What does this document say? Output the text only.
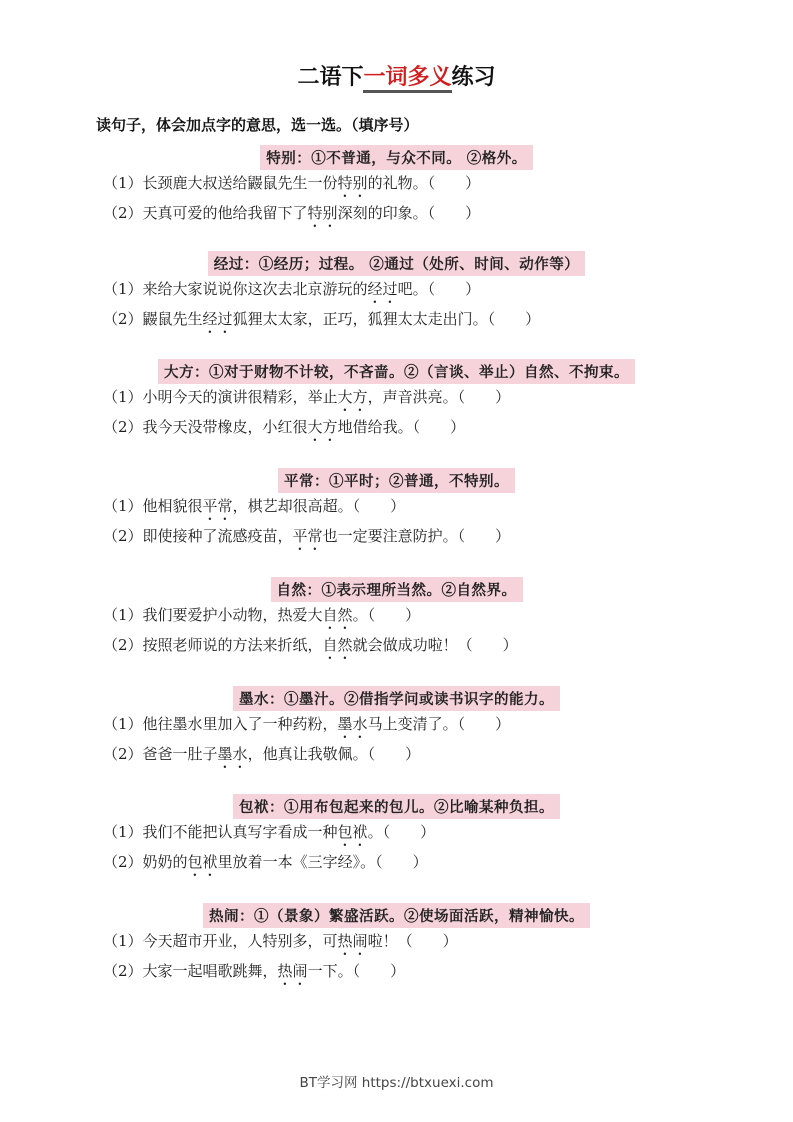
二语下一词多义练习
读句子，体会加点字的意思，选一选。（填序号）
特别：①不普通，与众不同。 ②格外。
（1）长颈鹿大叔送给鼹鼠先生一份特别的礼物。（　　）
（2）天真可爱的他给我留下了特别深刻的印象。（　　）
经过：①经历；过程。 ②通过（处所、时间、动作等）
（1）来给大家说说你这次去北京游玩的经过吧。（　　）
（2）鼹鼠先生经过狐狸太太家，正巧，狐狸太太走出门。（　　）
大方：①对于财物不计较，不吝啬。②（言谈、举止）自然、不拘束。
（1）小明今天的演讲很精彩，举止大方，声音洪亮。（　　）
（2）我今天没带橡皮，小红很大方地借给我。（　　）
平常：①平时；②普通，不特别。
（1）他相貌很平常，棋艺却很高超。（　　）
（2）即使接种了流感疫苗，平常也一定要注意防护。（　　）
自然：①表示理所当然。②自然界。
（1）我们要爱护小动物，热爱大自然。（　　）
（2）按照老师说的方法来折纸，自然就会做成功啦！（　　）
墨水：①墨汁。②借指学问或读书识字的能力。
（1）他往墨水里加入了一种药粉，墨水马上变清了。（　　）
（2）爸爸一肚子墨水，他真让我敬佩。（　　）
包袱：①用布包起来的包儿。②比喻某种负担。
（1）我们不能把认真写字看成一种包袱。（　　）
（2）奶奶的包袱里放着一本《三字经》。（　　）
热闹：①（景象）繁盛活跃。②使场面活跃，精神愉快。
（1）今天超市开业，人特别多，可热闹啦！（　　）
（2）大家一起唱歌跳舞，热闹一下。（　　）
BT学习网 https://btxuexi.com
